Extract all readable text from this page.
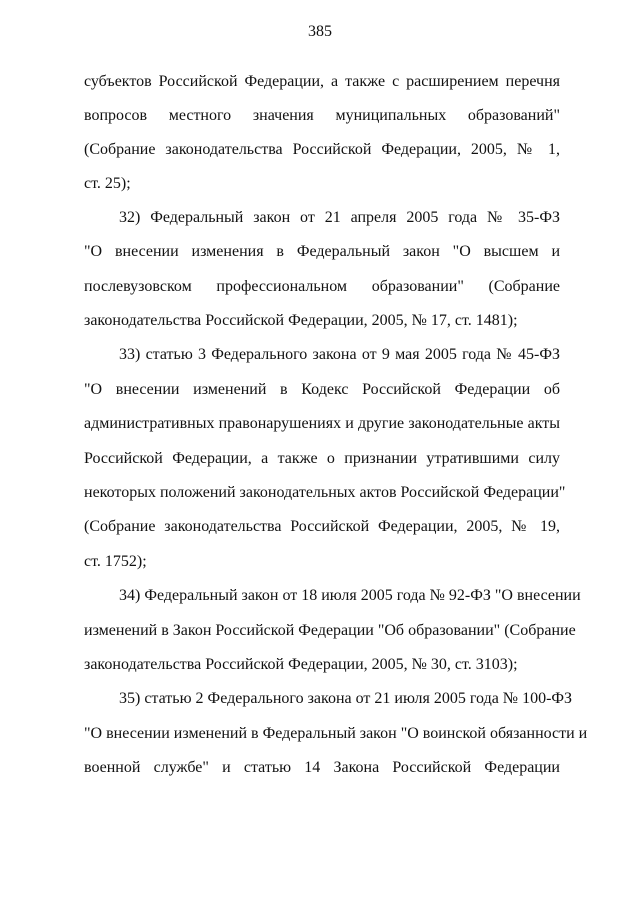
385
субъектов Российской Федерации, а также с расширением перечня
вопросов местного значения муниципальных образований"
(Собрание законодательства Российской Федерации, 2005, № 1,
ст. 25);
32) Федеральный закон от 21 апреля 2005 года № 35-ФЗ
"О внесении изменения в Федеральный закон "О высшем и
послевузовском профессиональном образовании" (Собрание
законодательства Российской Федерации, 2005, № 17, ст. 1481);
33) статью 3 Федерального закона от 9 мая 2005 года № 45-ФЗ
"О внесении изменений в Кодекс Российской Федерации об
административных правонарушениях и другие законодательные акты
Российской Федерации, а также о признании утратившими силу
некоторых положений законодательных актов Российской Федерации"
(Собрание законодательства Российской Федерации, 2005, № 19,
ст. 1752);
34) Федеральный закон от 18 июля 2005 года № 92-ФЗ "О внесении
изменений в Закон Российской Федерации "Об образовании" (Собрание
законодательства Российской Федерации, 2005, № 30, ст. 3103);
35) статью 2 Федерального закона от 21 июля 2005 года № 100-ФЗ
"О внесении изменений в Федеральный закон "О воинской обязанности и
военной службе" и статью 14 Закона Российской Федерации
